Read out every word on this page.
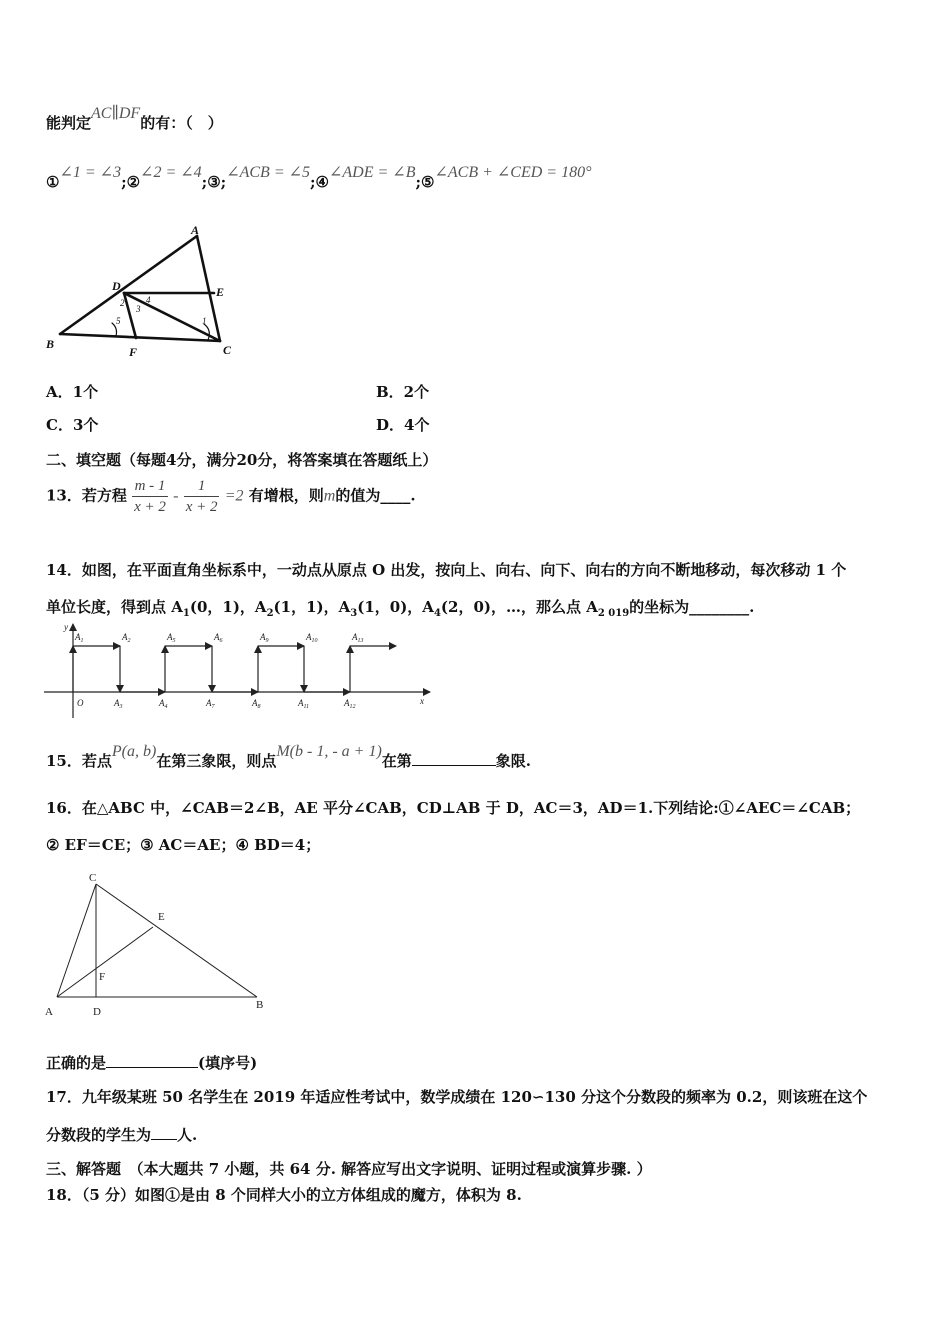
能判定AC∥DF的有：（　）
①∠1 = ∠3;②∠2 = ∠4;③;∠ACB = ∠5;④∠ADE = ∠B;⑤∠ACB + ∠CED = 180°
A
B	C
D	E
F
1
2
3
4
5
A．1个	B．2个
C．3个	D．4个
二、填空题（每题4分，满分20分，将答案填在答题纸上）
13．若方程 $\frac{m - 1}{x + 2} - \frac{1}{x + 2} =2$ 有增根，则m的值为____.
14．如图，在平面直角坐标系中，一动点从原点 O 出发，按向上、向右、向下、向右的方向不断地移动，每次移动 1 个
单位长度，得到点 $A_1(0$，1)，$A_2(1$，1)，$A_3(1$，0)，$A_4(2$，0)，…，那么点 $A_{2 019}$的坐标为________.
y
x
O
$A_1$	$A_2$	$A_5$	$A_6$	$A_9$	$A_{10}$	$A_{13}$
$A_3$	$A_4$	$A_7$	$A_8$	$A_{11}$	$A_{12}$
15．若点P(a, b)在第三象限，则点M(b - 1, - a + 1)在第	象限.
16．在△ABC 中，∠CAB＝2∠B，AE 平分∠CAB，CD⊥AB 于 D，AC＝3，AD＝1.下列结论:①∠AEC＝∠CAB；
② EF＝CE；③ AC＝AE；④ BD＝4；
C
E
F
A	D
B
正确的是	(填序号)
17．九年级某班 50 名学生在 2019 年适应性考试中，数学成绩在 120∽130 分这个分数段的频率为 0.2，则该班在这个
分数段的学生为 人.
三、解答题　（本大题共 7 小题，共 64 分. 解答应写出文字说明、证明过程或演算步骤. ）
18．（5 分）如图①是由 8 个同样大小的立方体组成的魔方，体积为 8.
